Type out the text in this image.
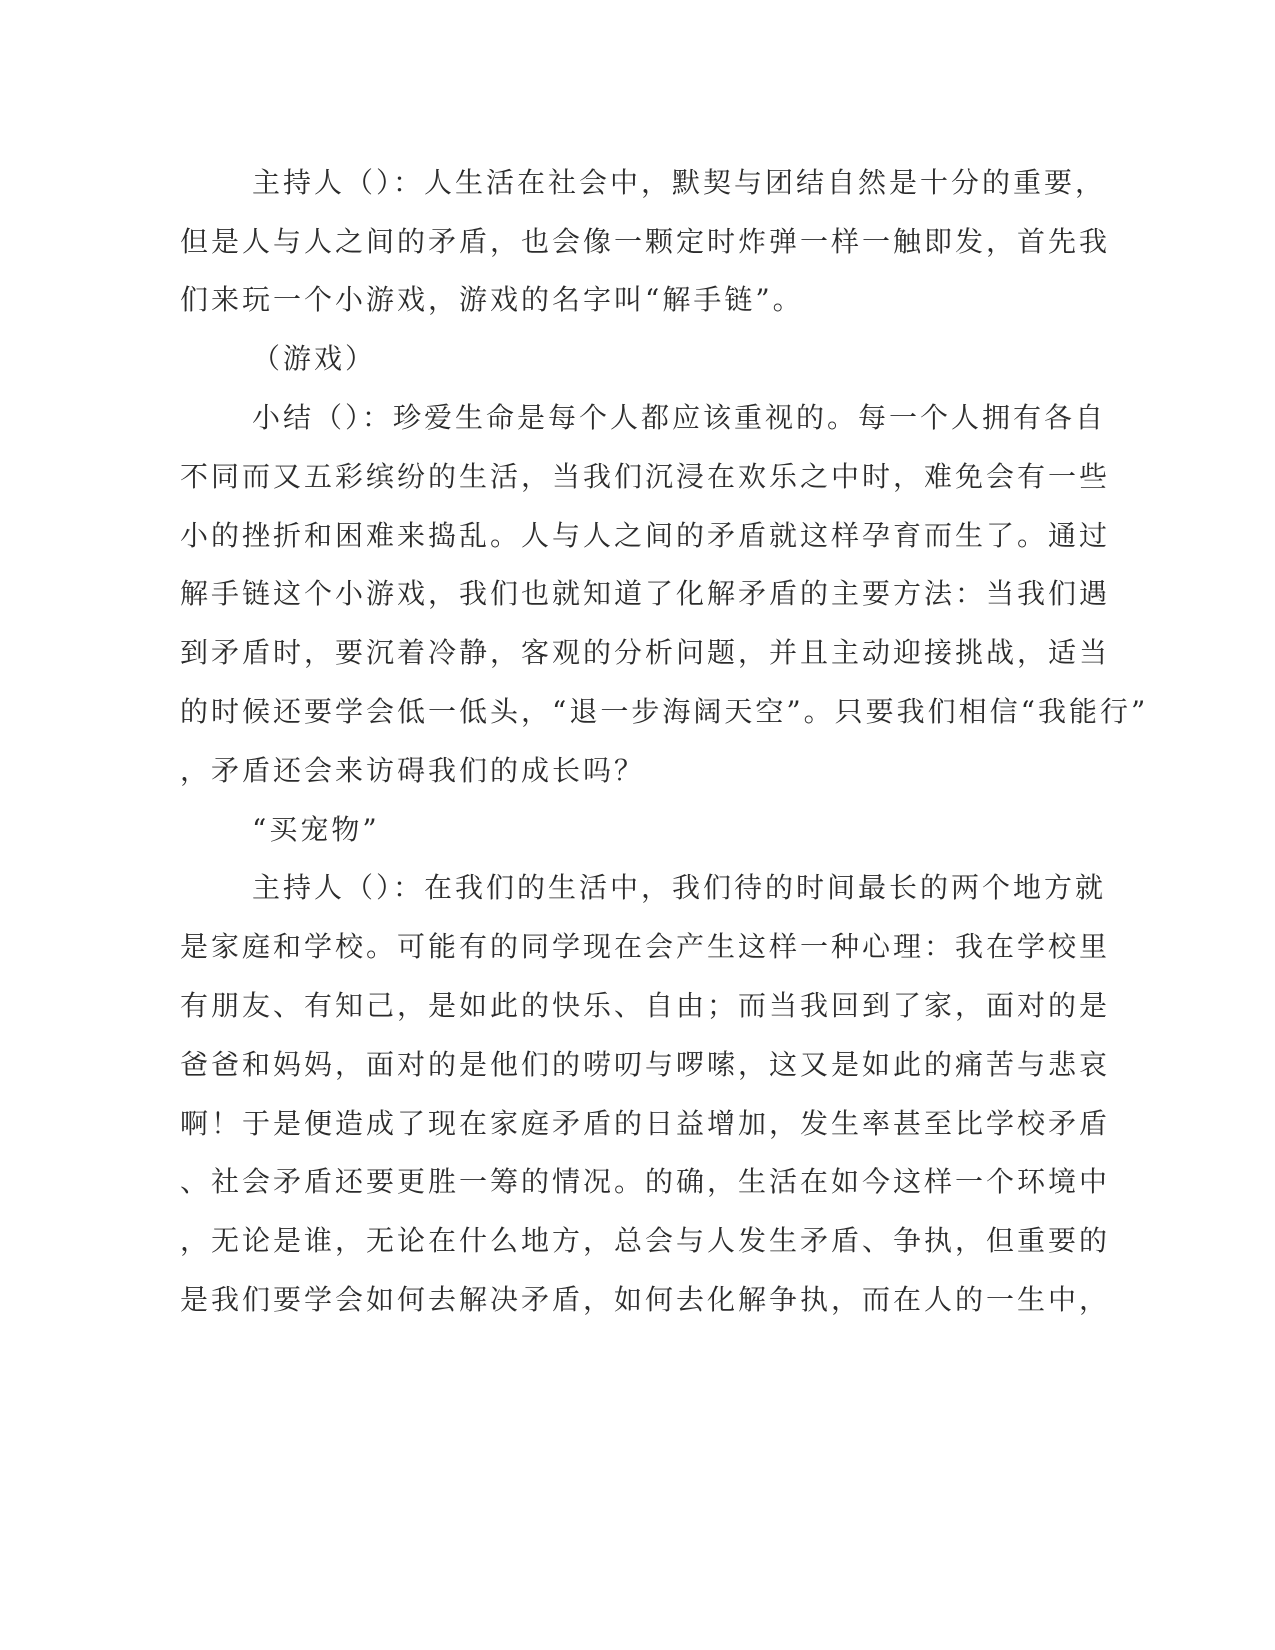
主持人（）：人生活在社会中，默契与团结自然是十分的重要，

但是人与人之间的矛盾，也会像一颗定时炸弹一样一触即发，首先我

们来玩一个小游戏，游戏的名字叫“解手链”。

（游戏）

小结（）：珍爱生命是每个人都应该重视的。每一个人拥有各自

不同而又五彩缤纷的生活，当我们沉浸在欢乐之中时，难免会有一些

小的挫折和困难来捣乱。人与人之间的矛盾就这样孕育而生了。通过

解手链这个小游戏，我们也就知道了化解矛盾的主要方法：当我们遇

到矛盾时，要沉着冷静，客观的分析问题，并且主动迎接挑战，适当

的时候还要学会低一低头，“退一步海阔天空”。只要我们相信“我能行”

，矛盾还会来访碍我们的成长吗？

“买宠物”

主持人（）：在我们的生活中，我们待的时间最长的两个地方就

是家庭和学校。可能有的同学现在会产生这样一种心理：我在学校里

有朋友、有知己，是如此的快乐、自由；而当我回到了家，面对的是

爸爸和妈妈，面对的是他们的唠叨与啰嗦，这又是如此的痛苦与悲哀

啊！于是便造成了现在家庭矛盾的日益增加，发生率甚至比学校矛盾

、社会矛盾还要更胜一筹的情况。的确，生活在如今这样一个环境中

，无论是谁，无论在什么地方，总会与人发生矛盾、争执，但重要的

是我们要学会如何去解决矛盾，如何去化解争执，而在人的一生中，
